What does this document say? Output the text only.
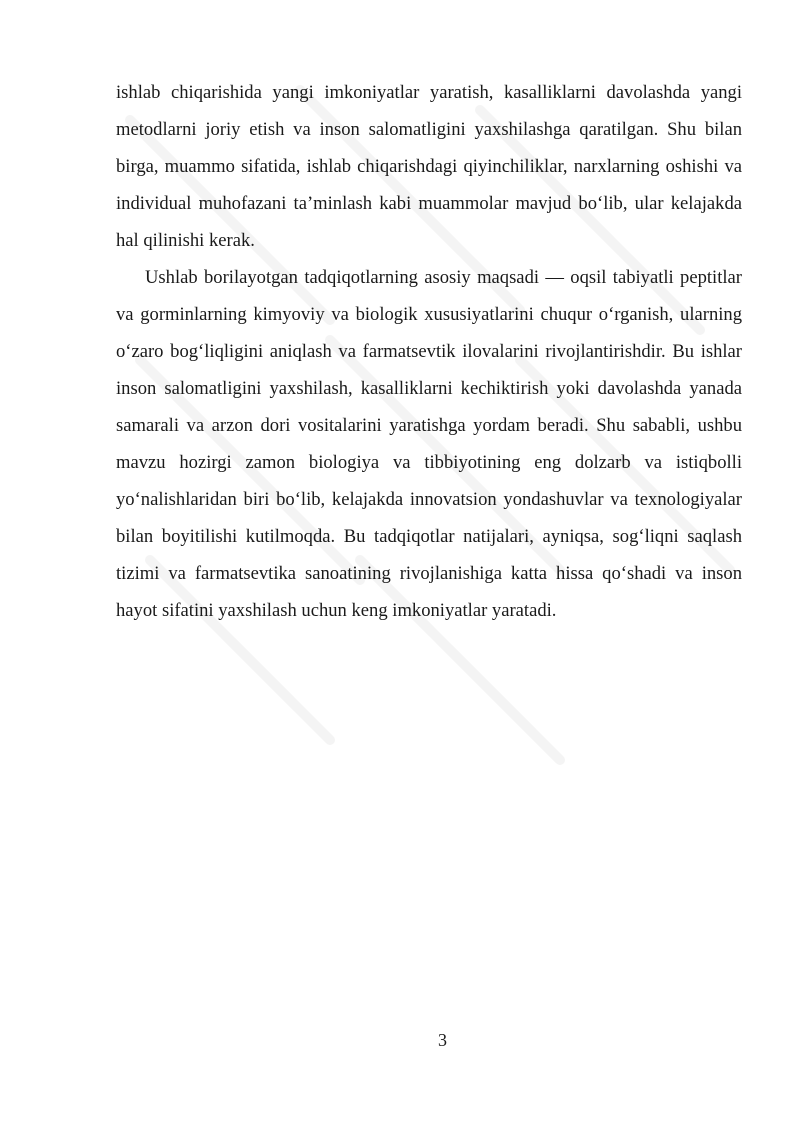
ishlab chiqarishida yangi imkoniyatlar yaratish, kasalliklarni davolashda yangi metodlarni joriy etish va inson salomatligini yaxshilashga qaratilgan. Shu bilan birga, muammo sifatida, ishlab chiqarishdagi qiyinchiliklar, narxlarning oshishi va individual muhofazani ta’minlash kabi muammolar mavjud bo‘lib, ular kelajakda hal qilinishi kerak.

Ushlab borilayotgan tadqiqotlarning asosiy maqsadi — oqsil tabiyatli peptitlar va gorminlarning kimyoviy va biologik xususiyatlarini chuqur o‘rganish, ularning o‘zaro bog‘liqligini aniqlash va farmatsevtik ilovalarini rivojlantirishdir. Bu ishlar inson salomatligini yaxshilash, kasalliklarni kechiktirish yoki davolashda yanada samarali va arzon dori vositalarini yaratishga yordam beradi. Shu sababli, ushbu mavzu hozirgi zamon biologiya va tibbiyotining eng dolzarb va istiqbolli yo‘nalishlaridan biri bo‘lib, kelajakda innovatsion yondashuvlar va texnologiyalar bilan boyitilishi kutilmoqda. Bu tadqiqotlar natijalari, ayniqsa, sog‘liqni saqlash tizimi va farmatsevtika sanoatining rivojlanishiga katta hissa qo‘shadi va inson hayot sifatini yaxshilash uchun keng imkoniyatlar yaratadi.

3
